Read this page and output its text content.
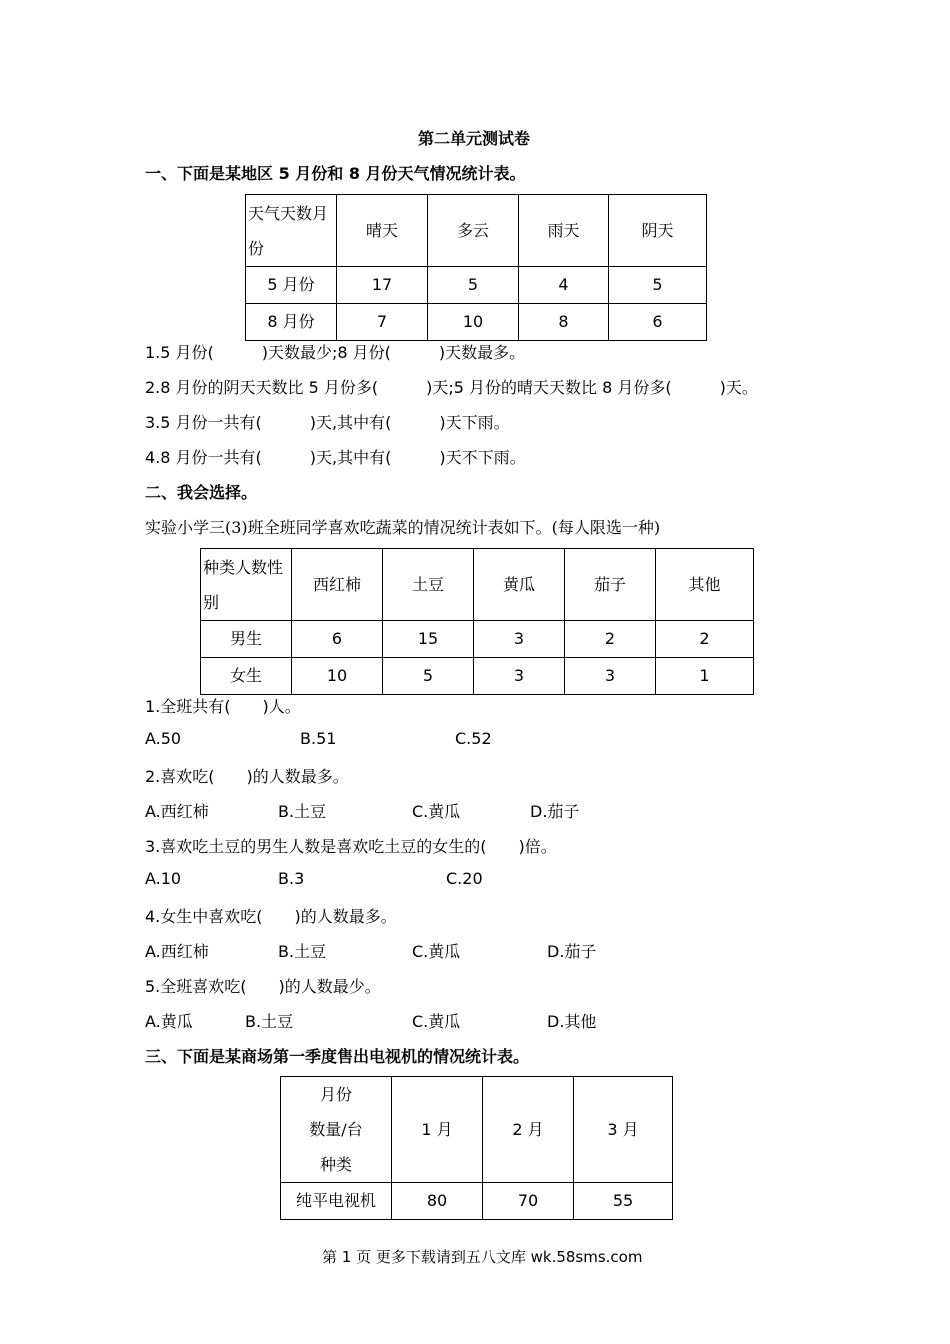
第二单元测试卷
一、下面是某地区 5 月份和 8 月份天气情况统计表。
天气天数月份	晴天	多云	雨天	阴天
5 月份	17	5	4	5
8 月份	7	10	8	6
1.5 月份(　　　)天数最少;8 月份(　　　)天数最多。
2.8 月份的阴天天数比 5 月份多(　　　)天;5 月份的晴天天数比 8 月份多(　　　)天。
3.5 月份一共有(　　　)天,其中有(　　　)天下雨。
4.8 月份一共有(　　　)天,其中有(　　　)天不下雨。
二、我会选择。
实验小学三(3)班全班同学喜欢吃蔬菜的情况统计表如下。(每人限选一种)
种类人数性别	西红柿	土豆	黄瓜	茄子	其他
男生	6	15	3	2	2
女生	10	5	3	3	1
1.全班共有(　　)人。
A.50	B.51	C.52
2.喜欢吃(　　)的人数最多。
A.西红柿	B.土豆	C.黄瓜	D.茄子
3.喜欢吃土豆的男生人数是喜欢吃土豆的女生的(　　)倍。
A.10	B.3	C.20
4.女生中喜欢吃(　　)的人数最多。
A.西红柿	B.土豆	C.黄瓜	D.茄子
5.全班喜欢吃(　　)的人数最少。
A.黄瓜	B.土豆	C.黄瓜	D.其他
三、下面是某商场第一季度售出电视机的情况统计表。
月份
数量/台
种类	1 月	2 月	3 月
纯平电视机	80	70	55
第 1 页 更多下载请到五八文库 wk.58sms.com
